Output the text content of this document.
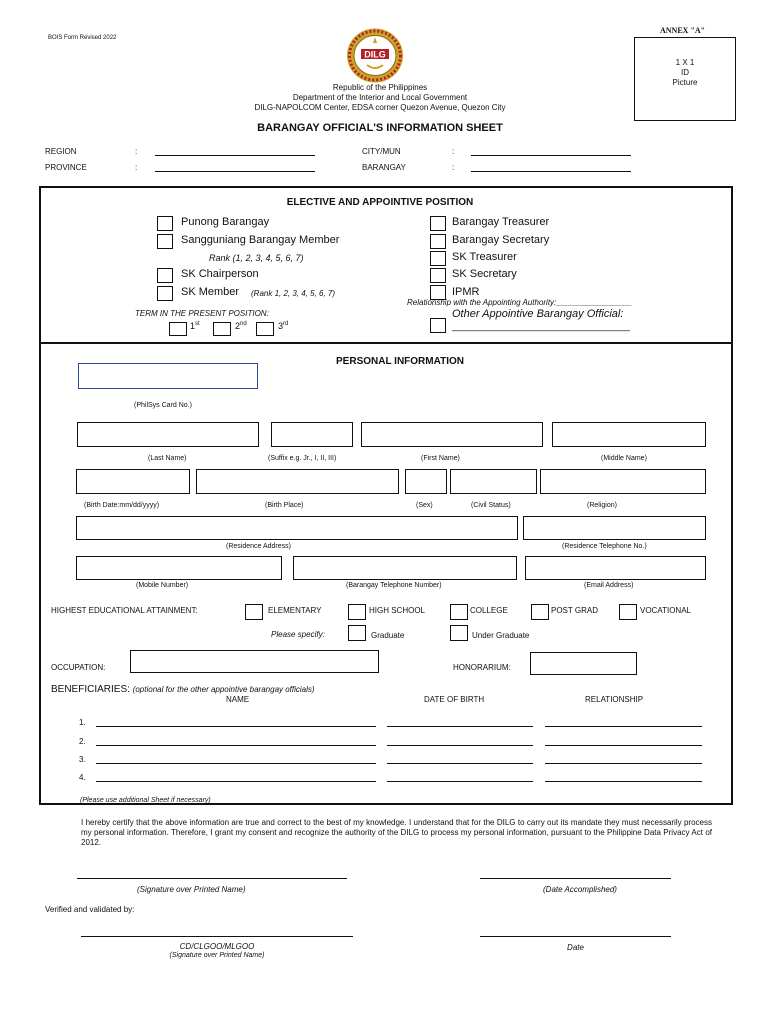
BOIS Form Revised 2022
ANNEX "A"
1 X 1
ID
Picture
DILG
Republic of the Philippines
Department of the Interior and Local Government
DILG-NAPOLCOM Center, EDSA corner Quezon Avenue, Quezon City
BARANGAY OFFICIAL'S INFORMATION SHEET
REGION	:
PROVINCE	:
CITY/MUN	:
BARANGAY	:
ELECTIVE AND APPOINTIVE POSITION
Punong Barangay
Sangguniang Barangay Member
Rank (1, 2, 3, 4, 5, 6, 7)
SK Chairperson
SK Member (Rank 1, 2, 3, 4, 5, 6, 7)
Barangay Treasurer
Barangay Secretary
SK Treasurer
SK Secretary
IPMR
Relationship with the Appointing Authority:_________________
Other Appointive Barangay Official:
________________________________
TERM IN THE PRESENT POSITION:
1st	2nd	3rd
PERSONAL INFORMATION
(PhilSys Card No.)
(Last Name)	(Suffix e.g. Jr., I, II, III)	(First Name)	(Middle Name)
(Birth Date:mm/dd/yyyy)	(Birth Place)	(Sex)	(Civil Status)	(Religion)
(Residence Address)	(Residence Telephone No.)
(Mobile Number)	(Barangay Telephone Number)	(Email Address)
HIGHEST EDUCATIONAL ATTAINMENT:	ELEMENTARY	HIGH SCHOOL	COLLEGE	POST GRAD	VOCATIONAL
Please specify:	Graduate	Under Graduate
OCCUPATION:	HONORARIUM:
BENEFICIARIES: (optional for the other appointive barangay officials)
NAME	DATE OF BIRTH	RELATIONSHIP
1.
2.
3.
4.
(Please use additional Sheet if necessary)
I hereby certify that the above information are true and correct to the best of my knowledge. I understand that for the DILG to carry out its mandate they must necessarily process my personal information. Therefore, I grant my consent and recognize the authority of the DILG to process my personal information, pursuant to the Philippine Data Privacy Act of 2012.
(Signature over Printed Name)	(Date Accomplished)
Verified and validated by:
CD/CLGOO/MLGOO
(Signature over Printed Name)
Date
